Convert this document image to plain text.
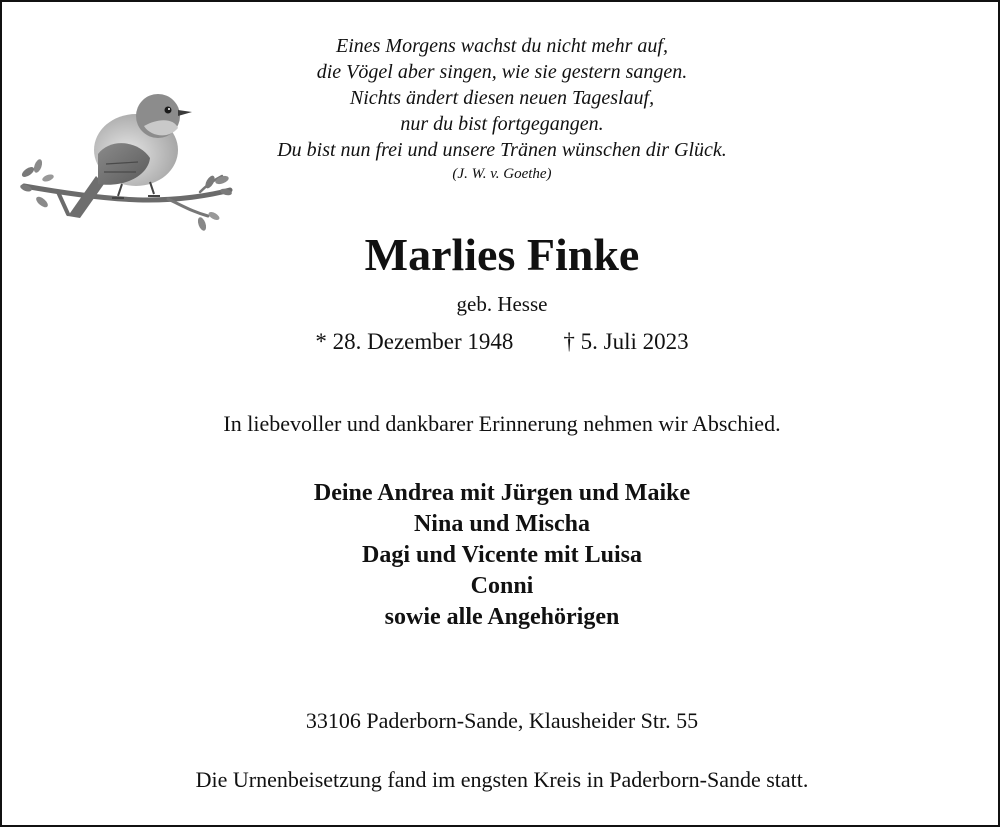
Eines Morgens wachst du nicht mehr auf,
die Vögel aber singen, wie sie gestern sangen.
Nichts ändert diesen neuen Tageslauf,
nur du bist fortgegangen.
Du bist nun frei und unsere Tränen wünschen dir Glück.
(J. W. v. Goethe)
Marlies Finke
geb. Hesse
* 28. Dezember 1948 † 5. Juli 2023
In liebevoller und dankbarer Erinnerung nehmen wir Abschied.
Deine Andrea mit Jürgen und Maike
Nina und Mischa
Dagi und Vicente mit Luisa
Conni
sowie alle Angehörigen
33106 Paderborn-Sande, Klausheider Str. 55
Die Urnenbeisetzung fand im engsten Kreis in Paderborn-Sande statt.
